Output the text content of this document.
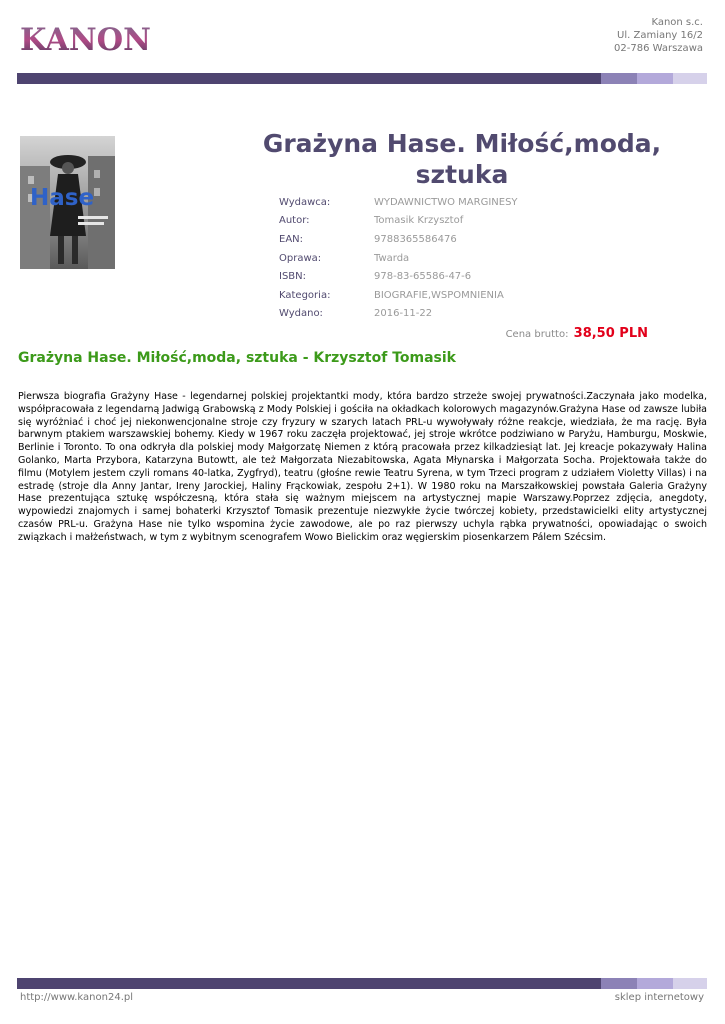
KANON	Kanon s.c.
Ul. Zamiany 16/2
02-786 Warszawa
Hase
Grażyna Hase. Miłość,moda, sztuka
Wydawca:	WYDAWNICTWO MARGINESY
Autor:	Tomasik Krzysztof
EAN:	9788365586476
Oprawa:	Twarda
ISBN:	978-83-65586-47-6
Kategoria:	BIOGRAFIE,WSPOMNIENIA
Wydano:	2016-11-22
Cena brutto: 38,50 PLN
Grażyna Hase. Miłość,moda, sztuka - Krzysztof Tomasik

Pierwsza biografia Grażyny Hase - legendarnej polskiej projektantki mody, która bardzo strzeże swojej prywatności.Zaczynała jako modelka, współpracowała z legendarną Jadwigą Grabowską z Mody Polskiej i gościła na okładkach kolorowych magazynów.Grażyna Hase od zawsze lubiła się wyróżniać i choć jej niekonwencjonalne stroje czy fryzury w szarych latach PRL-u wywoływały różne reakcje, wiedziała, że ma rację. Była barwnym ptakiem warszawskiej bohemy. Kiedy w 1967 roku zaczęła projektować, jej stroje wkrótce podziwiano w Paryżu, Hamburgu, Moskwie, Berlinie i Toronto. To ona odkryła dla polskiej mody Małgorzatę Niemen z którą pracowała przez kilkadziesiąt lat. Jej kreacje pokazywały Halina Golanko, Marta Przybora, Katarzyna Butowtt, ale też Małgorzata Niezabitowska, Agata Młynarska i Małgorzata Socha. Projektowała także do filmu (Motylem jestem czyli romans 40-latka, Zygfryd), teatru (głośne rewie Teatru Syrena, w tym Trzeci program z udziałem Violetty Villas) i na estradę (stroje dla Anny Jantar, Ireny Jarockiej, Haliny Frąckowiak, zespołu 2+1). W 1980 roku na Marszałkowskiej powstała Galeria Grażyny Hase prezentująca sztukę współczesną, która stała się ważnym miejscem na artystycznej mapie Warszawy.Poprzez zdjęcia, anegdoty, wypowiedzi znajomych i samej bohaterki Krzysztof Tomasik prezentuje niezwykłe życie twórczej kobiety, przedstawicielki elity artystycznej czasów PRL-u. Grażyna Hase nie tylko wspomina życie zawodowe, ale po raz pierwszy uchyla rąbka prywatności, opowiadając o swoich związkach i małżeństwach, w tym z wybitnym scenografem Wowo Bielickim oraz węgierskim piosenkarzem Pálem Szécsim.

http://www.kanon24.pl	sklep internetowy
